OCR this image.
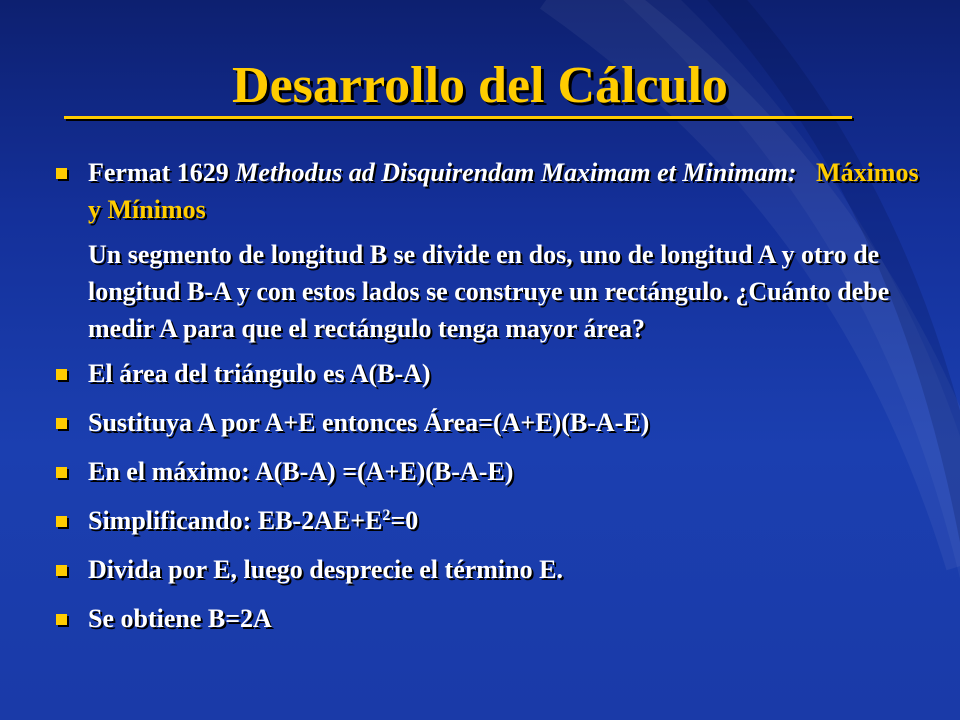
Desarrollo del Cálculo
Fermat 1629 Methodus ad Disquirendam Maximam et Minimam: Máximos y Mínimos
Un segmento de longitud B se divide en dos, uno de longitud A y otro de longitud B-A y con estos lados se construye un rectángulo. ¿Cuánto debe medir A para que el rectángulo tenga mayor área?
El área del triángulo es A(B-A)
Sustituya A por A+E entonces Área=(A+E)(B-A-E)
En el máximo: A(B-A) =(A+E)(B-A-E)
Simplificando: $EB-2AE+E^2=0$
Divida por E, luego desprecie el término E.
Se obtiene B=2A
